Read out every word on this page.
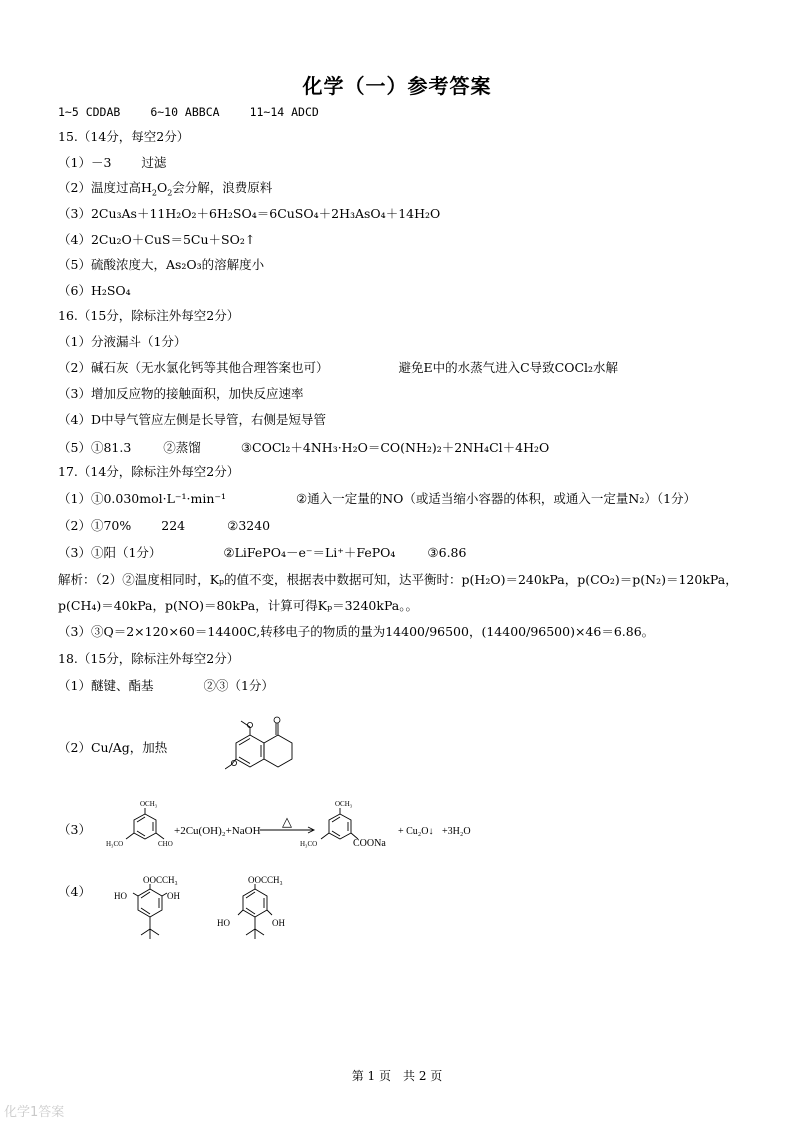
化学（一）参考答案
1~5 CDDAB	6~10 ABBCA	11~14 ADCD
15.（14分，每空2分）
（1）－3 过滤
（2）温度过高$H_2O_2$会分解，浪费原料
（3）2Cu₃As＋11H₂O₂＋6H₂SO₄＝6CuSO₄＋2H₃AsO₄＋14H₂O
（4）2Cu₂O＋CuS＝5Cu＋SO₂↑
（5）硫酸浓度大，As₂O₃的溶解度小
（6）H₂SO₄
16.（15分，除标注外每空2分）
（1）分液漏斗（1分）
（2）碱石灰（无水氯化钙等其他合理答案也可）	避免E中的水蒸气进入C导致COCl₂水解
（3）增加反应物的接触面积，加快反应速率
（4）D中导气管应左侧是长导管，右侧是短导管
（5）①81.3	②蒸馏	③COCl₂＋4NH₃·H₂O＝CO(NH₂)₂＋2NH₄Cl＋4H₂O
17.（14分，除标注外每空2分）
（1）①0.030mol·L⁻¹·min⁻¹	②通入一定量的NO（或适当缩小容器的体积，或通入一定量N₂）（1分）
（2）①70% 224	②3240
（3）①阳（1分）	②LiFePO₄－e⁻＝Li⁺＋FePO₄	③6.86
解析：（2）②温度相同时，Kₚ的值不变，根据表中数据可知，达平衡时：p(H₂O)＝240kPa，p(CO₂)＝p(N₂)＝120kPa，
p(CH₄)＝40kPa，p(NO)＝80kPa，计算可得Kₚ＝3240kPa。。
（3）③Q＝2×120×60＝14400C,转移电子的物质的量为14400/96500，(14400/96500)×46＝6.86。
18.（15分，除标注外每空2分）
（1）醚键、酯基	②③（1分）
（2）Cu/Ag，加热
（3）
（4）
OCH₃
H₃CO	CHO
+2Cu(OH)₂+NaOH
△
OCH₃
H₃CO	COONa
+ Cu₂O↓ +3H₂O
OOCCH₃
HO	OH
OOCCH₃
HO	OH
第 1 页　共 2 页
化学1答案
